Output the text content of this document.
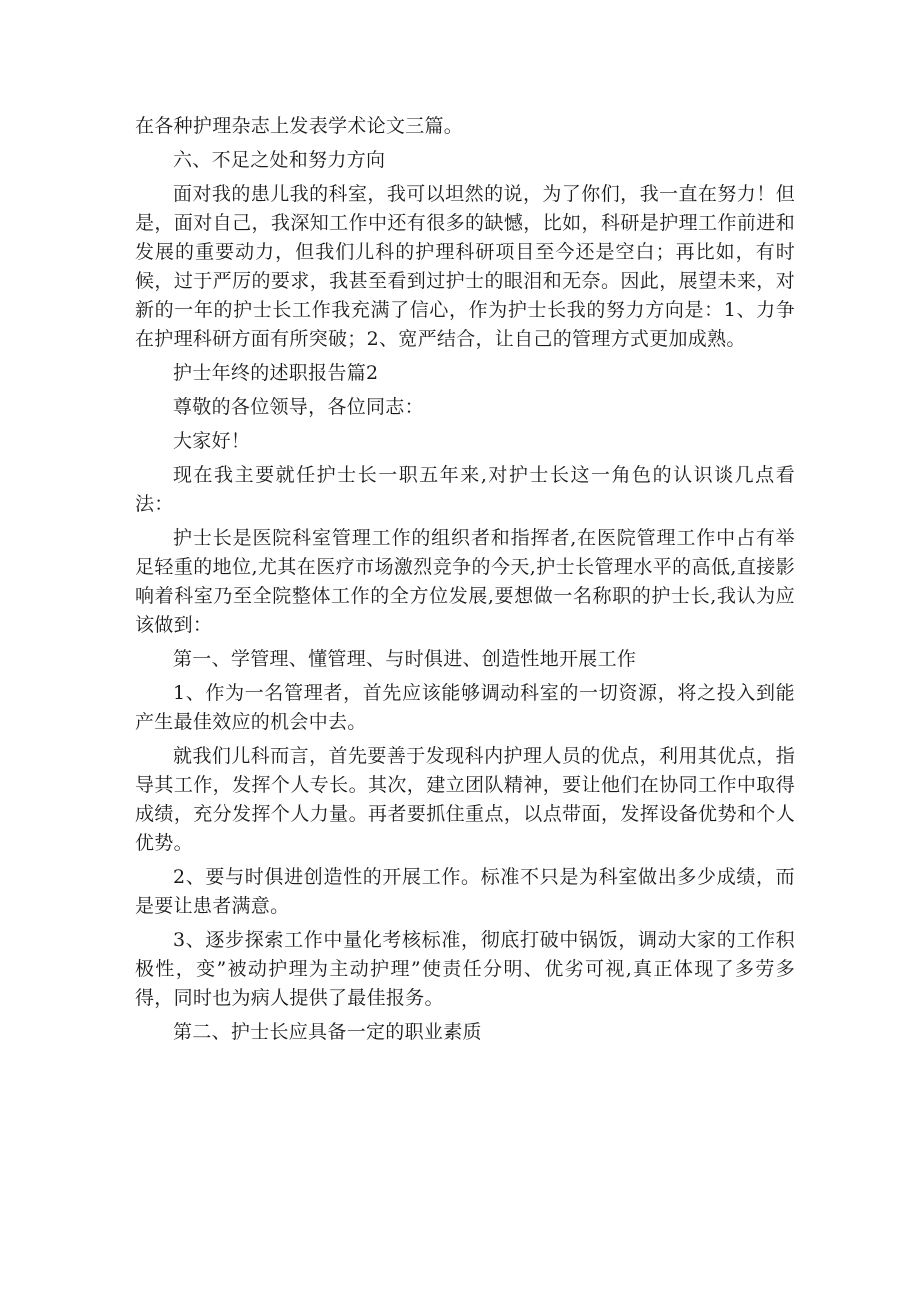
在各种护理杂志上发表学术论文三篇。

六、不足之处和努力方向

面对我的患儿我的科室，我可以坦然的说，为了你们，我一直在努力！但是，面对自己，我深知工作中还有很多的缺憾，比如，科研是护理工作前进和发展的重要动力，但我们儿科的护理科研项目至今还是空白；再比如，有时候，过于严厉的要求，我甚至看到过护士的眼泪和无奈。因此，展望未来，对新的一年的护士长工作我充满了信心，作为护士长我的努力方向是：1、力争在护理科研方面有所突破；2、宽严结合，让自己的管理方式更加成熟。

护士年终的述职报告篇2

尊敬的各位领导，各位同志：

大家好！

现在我主要就任护士长一职五年来,对护士长这一角色的认识谈几点看法：

护士长是医院科室管理工作的组织者和指挥者,在医院管理工作中占有举足轻重的地位,尤其在医疗市场激烈竞争的今天,护士长管理水平的高低,直接影响着科室乃至全院整体工作的全方位发展,要想做一名称职的护士长,我认为应该做到：

第一、学管理、懂管理、与时俱进、创造性地开展工作

1、作为一名管理者，首先应该能够调动科室的一切资源，将之投入到能产生最佳效应的机会中去。

就我们儿科而言，首先要善于发现科内护理人员的优点，利用其优点，指导其工作，发挥个人专长。其次，建立团队精神，要让他们在协同工作中取得成绩，充分发挥个人力量。再者要抓住重点，以点带面，发挥设备优势和个人优势。

2、要与时俱进创造性的开展工作。标准不只是为科室做出多少成绩，而是要让患者满意。

3、逐步探索工作中量化考核标准，彻底打破中锅饭，调动大家的工作积极性，变”被动护理为主动护理”使责任分明、优劣可视,真正体现了多劳多得，同时也为病人提供了最佳报务。

第二、护士长应具备一定的职业素质
